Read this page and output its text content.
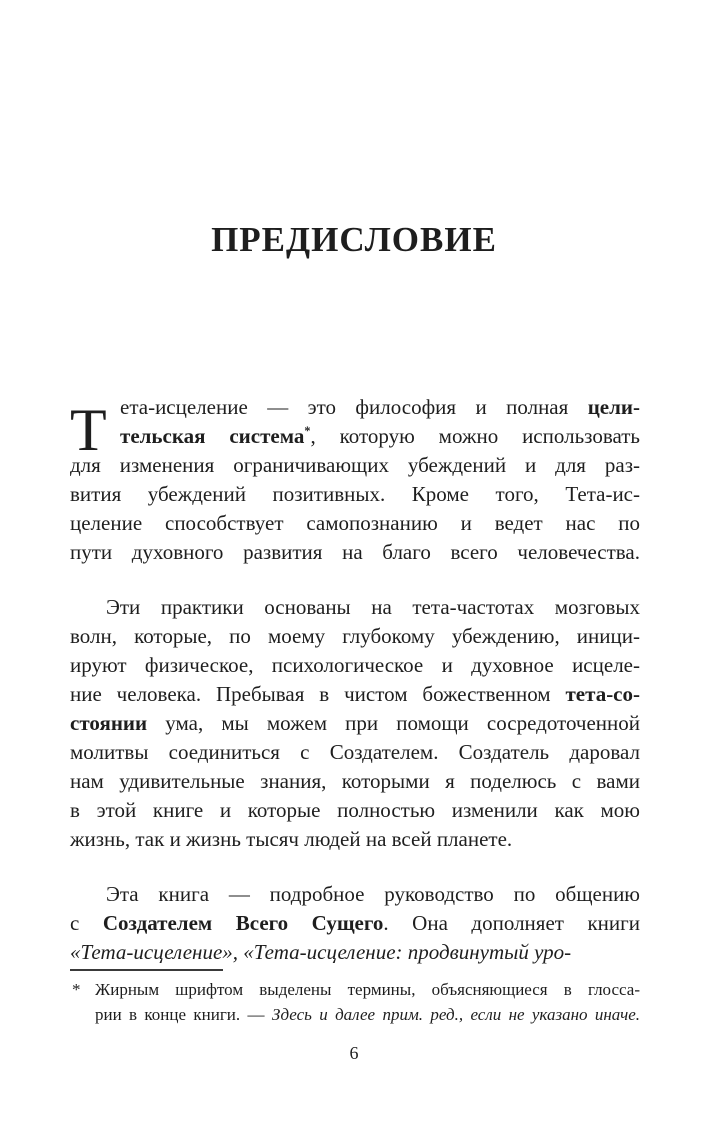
ПРЕДИСЛОВИЕ
Т ета-исцеление — это философия и полная цели-
тельская система*, которую можно использовать
для изменения ограничивающих убеждений и для раз-
вития убеждений позитивных. Кроме того, Тета-ис-
целение способствует самопознанию и ведет нас по
пути духовного развития на благо всего человечества.
Эти практики основаны на тета-частотах мозговых
волн, которые, по моему глубокому убеждению, иници-
ируют физическое, психологическое и духовное исцеле-
ние человека. Пребывая в чистом божественном тета-со-
стоянии ума, мы можем при помощи сосредоточенной
молитвы соединиться с Создателем. Создатель даровал
нам удивительные знания, которыми я поделюсь с вами
в этой книге и которые полностью изменили как мою
жизнь, так и жизнь тысяч людей на всей планете.
Эта книга — подробное руководство по общению
с Создателем Всего Сущего. Она дополняет книги
«Тета-исцеление», «Тета-исцеление: продвинутый уро-
* Жирным шрифтом выделены термины, объясняющиеся в глосса-
рии в конце книги. — Здесь и далее прим. ред., если не указано иначе.
6
